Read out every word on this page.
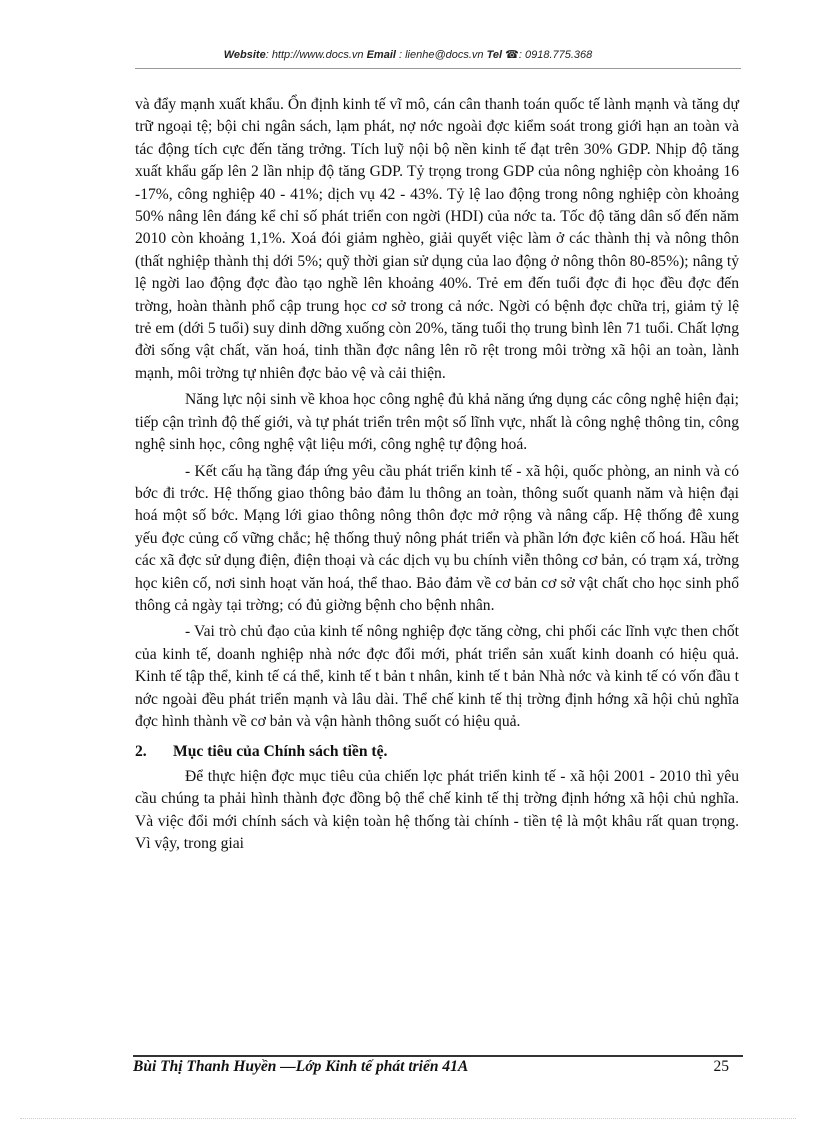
Website: http://www.docs.vn Email : lienhe@docs.vn Tel ☎: 0918.775.368

và đẩy mạnh xuất khẩu. Ổn định kinh tế vĩ mô, cán cân thanh toán quốc tế lành mạnh và tăng dự trữ ngoại tệ; bội chi ngân sách, lạm phát, nợ nớc ngoài đợc kiểm soát trong giới hạn an toàn và tác động tích cực đến tăng trởng. Tích luỹ nội bộ nền kinh tế đạt trên 30% GDP. Nhịp độ tăng xuất khẩu gấp lên 2 lần nhịp độ tăng GDP. Tỷ trọng trong GDP của nông nghiệp còn khoảng 16 -17%, công nghiệp 40 - 41%; dịch vụ 42 - 43%. Tỷ lệ lao động trong nông nghiệp còn khoảng 50% nâng lên đáng kể chỉ số phát triển con ngời (HDI) của nớc ta. Tốc độ tăng dân số đến năm 2010 còn khoảng 1,1%. Xoá đói giảm nghèo, giải quyết việc làm ở các thành thị và nông thôn (thất nghiệp thành thị dới 5%; quỹ thời gian sử dụng của lao động ở nông thôn 80-85%); nâng tỷ lệ ngời lao động đợc đào tạo nghề lên khoảng 40%. Trẻ em đến tuổi đợc đi học đều đợc đến trờng, hoàn thành phổ cập trung học cơ sở trong cả nớc. Ngời có bệnh đợc chữa trị, giảm tỷ lệ trẻ em (dới 5 tuổi) suy dinh dỡng xuống còn 20%, tăng tuổi thọ trung bình lên 71 tuổi. Chất lợng đời sống vật chất, văn hoá, tinh thần đợc nâng lên rõ rệt trong môi trờng xã hội an toàn, lành mạnh, môi trờng tự nhiên đợc bảo vệ và cải thiện.

Năng lực nội sinh về khoa học công nghệ đủ khả năng ứng dụng các công nghệ hiện đại; tiếp cận trình độ thế giới, và tự phát triển trên một số lĩnh vực, nhất là công nghệ thông tin, công nghệ sinh học, công nghệ vật liệu mới, công nghệ tự động hoá.

- Kết cấu hạ tầng đáp ứng yêu cầu phát triển kinh tế - xã hội, quốc phòng, an ninh và có bớc đi trớc. Hệ thống giao thông bảo đảm lu thông an toàn, thông suốt quanh năm và hiện đại hoá một số bớc. Mạng lới giao thông nông thôn đợc mở rộng và nâng cấp. Hệ thống đê xung yếu đợc củng cố vững chắc; hệ thống thuỷ nông phát triển và phần lớn đợc kiên cố hoá. Hầu hết các xã đợc sử dụng điện, điện thoại và các dịch vụ bu chính viễn thông cơ bản, có trạm xá, trờng học kiên cố, nơi sinh hoạt văn hoá, thể thao. Bảo đảm về cơ bản cơ sở vật chất cho học sinh phổ thông cả ngày tại trờng; có đủ giờng bệnh cho bệnh nhân.

- Vai trò chủ đạo của kinh tế nông nghiệp đợc tăng cờng, chi phối các lĩnh vực then chốt của kinh tế, doanh nghiệp nhà nớc đợc đổi mới, phát triển sản xuất kinh doanh có hiệu quả. Kinh tế tập thể, kinh tế cá thể, kinh tế t bản t nhân, kinh tế t bản Nhà nớc và kinh tế có vốn đầu t nớc ngoài đều phát triển mạnh và lâu dài. Thể chế kinh tế thị trờng định hớng xã hội chủ nghĩa đợc hình thành về cơ bản và vận hành thông suốt có hiệu quả.

2. Mục tiêu của Chính sách tiền tệ.

Để thực hiện đợc mục tiêu của chiến lợc phát triển kinh tế - xã hội 2001 - 2010 thì yêu cầu chúng ta phải hình thành đợc đồng bộ thể chế kinh tế thị trờng định hớng xã hội chủ nghĩa. Và việc đổi mới chính sách và kiện toàn hệ thống tài chính - tiền tệ là một khâu rất quan trọng. Vì vậy, trong giai

Bùi Thị Thanh Huyền —Lớp Kinh tế phát triển 41A	25
